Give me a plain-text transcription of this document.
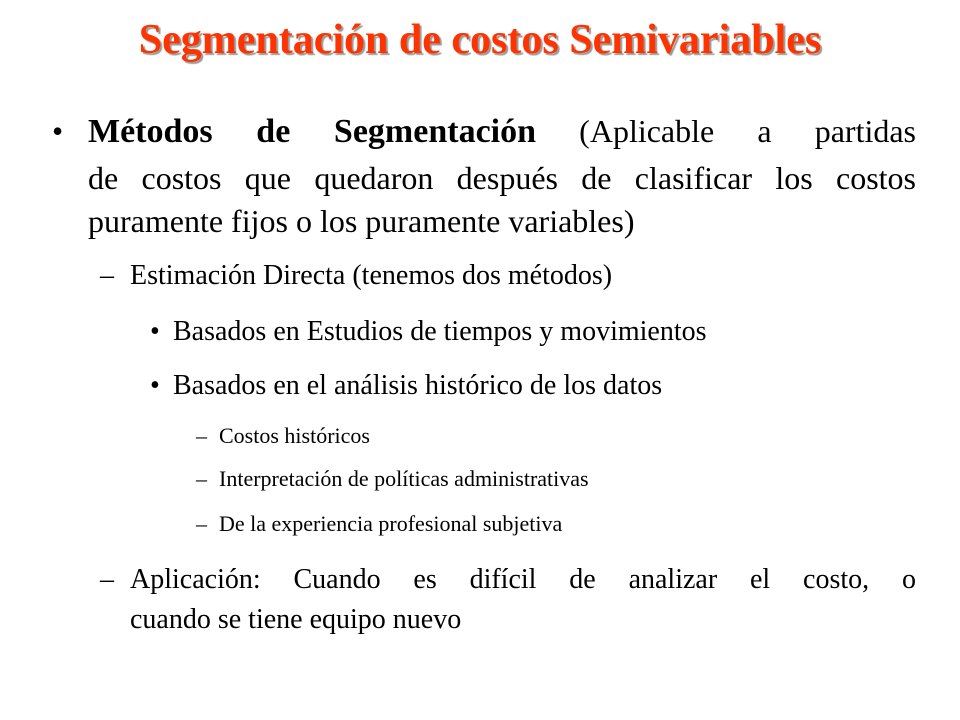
Segmentación de costos Semivariables
• Métodos de Segmentación (Aplicable a partidas
de costos que quedaron después de clasificar los costos
puramente fijos o los puramente variables)
– Estimación Directa (tenemos dos métodos)
• Basados en Estudios de tiempos y movimientos
• Basados en el análisis histórico de los datos
– Costos históricos
– Interpretación de políticas administrativas
– De la experiencia profesional subjetiva
– Aplicación: Cuando es difícil de analizar el costo, o
cuando se tiene equipo nuevo
